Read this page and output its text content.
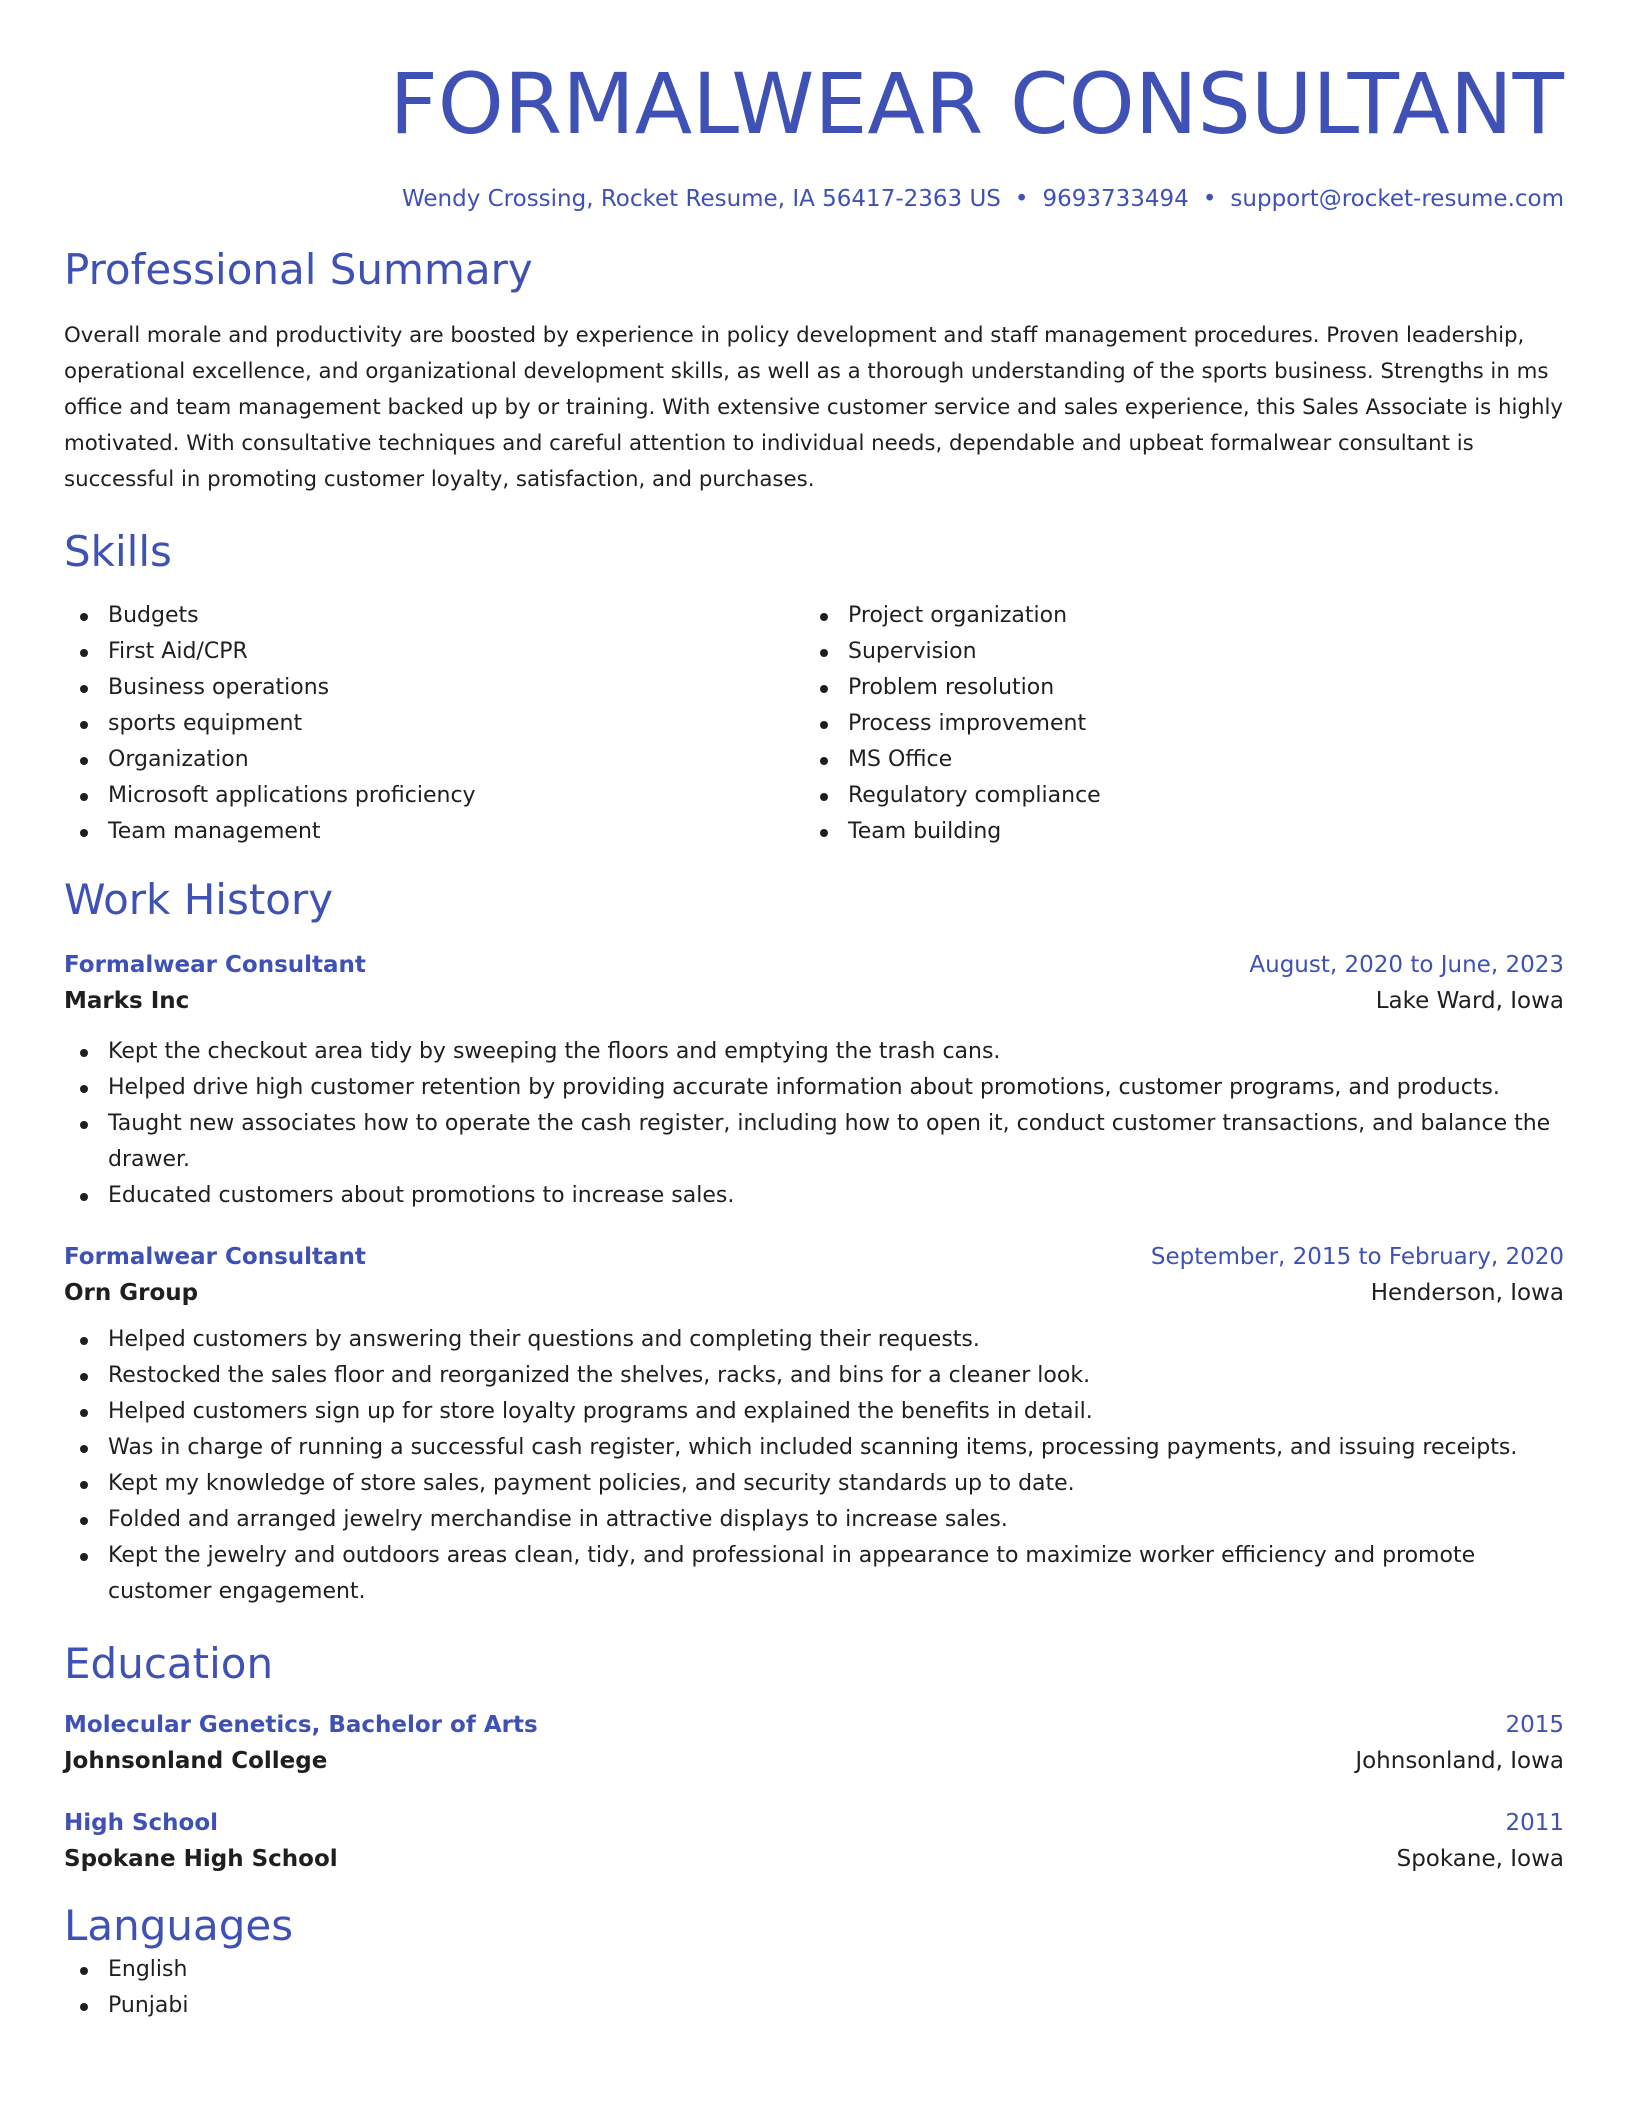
FORMALWEAR CONSULTANT
Wendy Crossing, Rocket Resume, IA 56417-2363 US • 9693733494 • support@rocket-resume.com
Professional Summary
Overall morale and productivity are boosted by experience in policy development and staff management procedures. Proven leadership, operational excellence, and organizational development skills, as well as a thorough understanding of the sports business. Strengths in ms office and team management backed up by or training. With extensive customer service and sales experience, this Sales Associate is highly motivated. With consultative techniques and careful attention to individual needs, dependable and upbeat formalwear consultant is successful in promoting customer loyalty, satisfaction, and purchases.
Skills
Budgets
First Aid/CPR
Business operations
sports equipment
Organization
Microsoft applications proficiency
Team management
Project organization
Supervision
Problem resolution
Process improvement
MS Office
Regulatory compliance
Team building
Work History
Formalwear Consultant	August, 2020 to June, 2023
Marks Inc	Lake Ward, Iowa
Kept the checkout area tidy by sweeping the floors and emptying the trash cans.
Helped drive high customer retention by providing accurate information about promotions, customer programs, and products.
Taught new associates how to operate the cash register, including how to open it, conduct customer transactions, and balance the drawer.
Educated customers about promotions to increase sales.
Formalwear Consultant	September, 2015 to February, 2020
Orn Group	Henderson, Iowa
Helped customers by answering their questions and completing their requests.
Restocked the sales floor and reorganized the shelves, racks, and bins for a cleaner look.
Helped customers sign up for store loyalty programs and explained the benefits in detail.
Was in charge of running a successful cash register, which included scanning items, processing payments, and issuing receipts.
Kept my knowledge of store sales, payment policies, and security standards up to date.
Folded and arranged jewelry merchandise in attractive displays to increase sales.
Kept the jewelry and outdoors areas clean, tidy, and professional in appearance to maximize worker efficiency and promote customer engagement.
Education
Molecular Genetics, Bachelor of Arts	2015
Johnsonland College	Johnsonland, Iowa
High School	2011
Spokane High School	Spokane, Iowa
Languages
English
Punjabi
